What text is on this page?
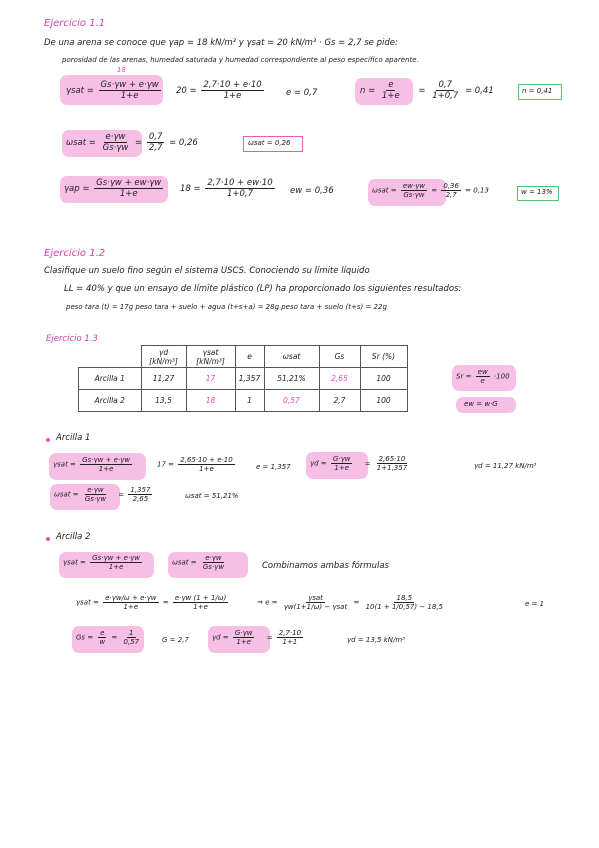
Ejercicio 1.1
De una arena se conoce que γap = 18 kN/m³ y γsat = 20 kN/m³ · Gs = 2,7 se pide:
porosidad de las arenas, humedad saturada y humedad correspondiente al peso específico aparente.
18
$\gamma sat = \frac{Gs\cdot\gamma w + e\cdot\gamma w}{1+e} 20 = \frac{2,7\cdot 10 + e\cdot 10}{1+e}$	e = 0,7	$n = \frac{e}{1+e} = \frac{0,7}{1+0,7} = 0,41$	n = 0,41
$\omega sat = \frac{e\cdot\gamma w}{Gs\cdot\gamma w} = \frac{0,7}{2,7} = 0,26$	ωsat = 0,26
$\gamma ap = \frac{Gs\cdot\gamma w + ew\cdot\gamma w}{1+e} 18 = \frac{2,7\cdot 10 + ew\cdot 10}{1+0,7}$ ew = 0,36	$\omega sat = \frac{ew\cdot\gamma w}{Gs\cdot\gamma w} = \frac{0,36}{2,7} = 0,13$	w = 13%
Ejercicio 1.2
Clasifique un suelo fino según el sistema USCS. Conociendo su límite líquido
LL = 40% y que un ensayo de límite plástico (LP) ha proporcionado los siguientes resultados:
peso tara (t) = 17g peso tara + suelo + agua (t+s+a) = 28g peso tara + suelo (t+s) = 22g
Ejercicio 1.3
	γd [kN/m³]	γsat [kN/m³]	e	ωsat	Gs	Sr (%)
Arcilla 1	11,27	17	1,357	51,21%	2,65	100
Arcilla 2	13,5	18	1	0,57	2,7	100
$Sr = \frac{ew}{e} \cdot 100$
ew = w·G
Arcilla 1
$\gamma sat = \frac{Gs\cdot\gamma w + e\cdot\gamma w}{1+e}$	$17 = \frac{2,65\cdot 10 + e\cdot 10}{1+e}$	e = 1,357	$\gamma d = \frac{G\cdot\gamma w}{1+e} = \frac{2,65\cdot 10}{1+1,357}$	γd = 11,27 kN/m³
$\omega sat = \frac{e\cdot\gamma w}{Gs\cdot\gamma w} = \frac{1,357}{2,65}$	ωsat = 51,21%
Arcilla 2
$\gamma sat = \frac{Gs\cdot\gamma w + e\cdot\gamma w}{1+e}$	$\omega sat = \frac{e\cdot\gamma w}{Gs\cdot\gamma w}$	Combinamos ambas fórmulas
$\gamma sat = \frac{e\cdot\gamma w/\omega + e\cdot\gamma w}{1+e} = \frac{e\cdot\gamma w (1 + 1/\omega)}{1+e}$	⇒ $e = \frac{\text{γsat}}{\text{γw(1+1/ω) − γsat}} = \frac{18,5}{10(1 + 1/0,57) - 18,5}$	e = 1
$Gs = \frac{e}{w} = \frac{1}{0,57}$	G = 2,7	$\gamma d = \frac{G\cdot\gamma w}{1+e} = \frac{2,7\cdot 10}{1+1}$	γd = 13,5 kN/m³
